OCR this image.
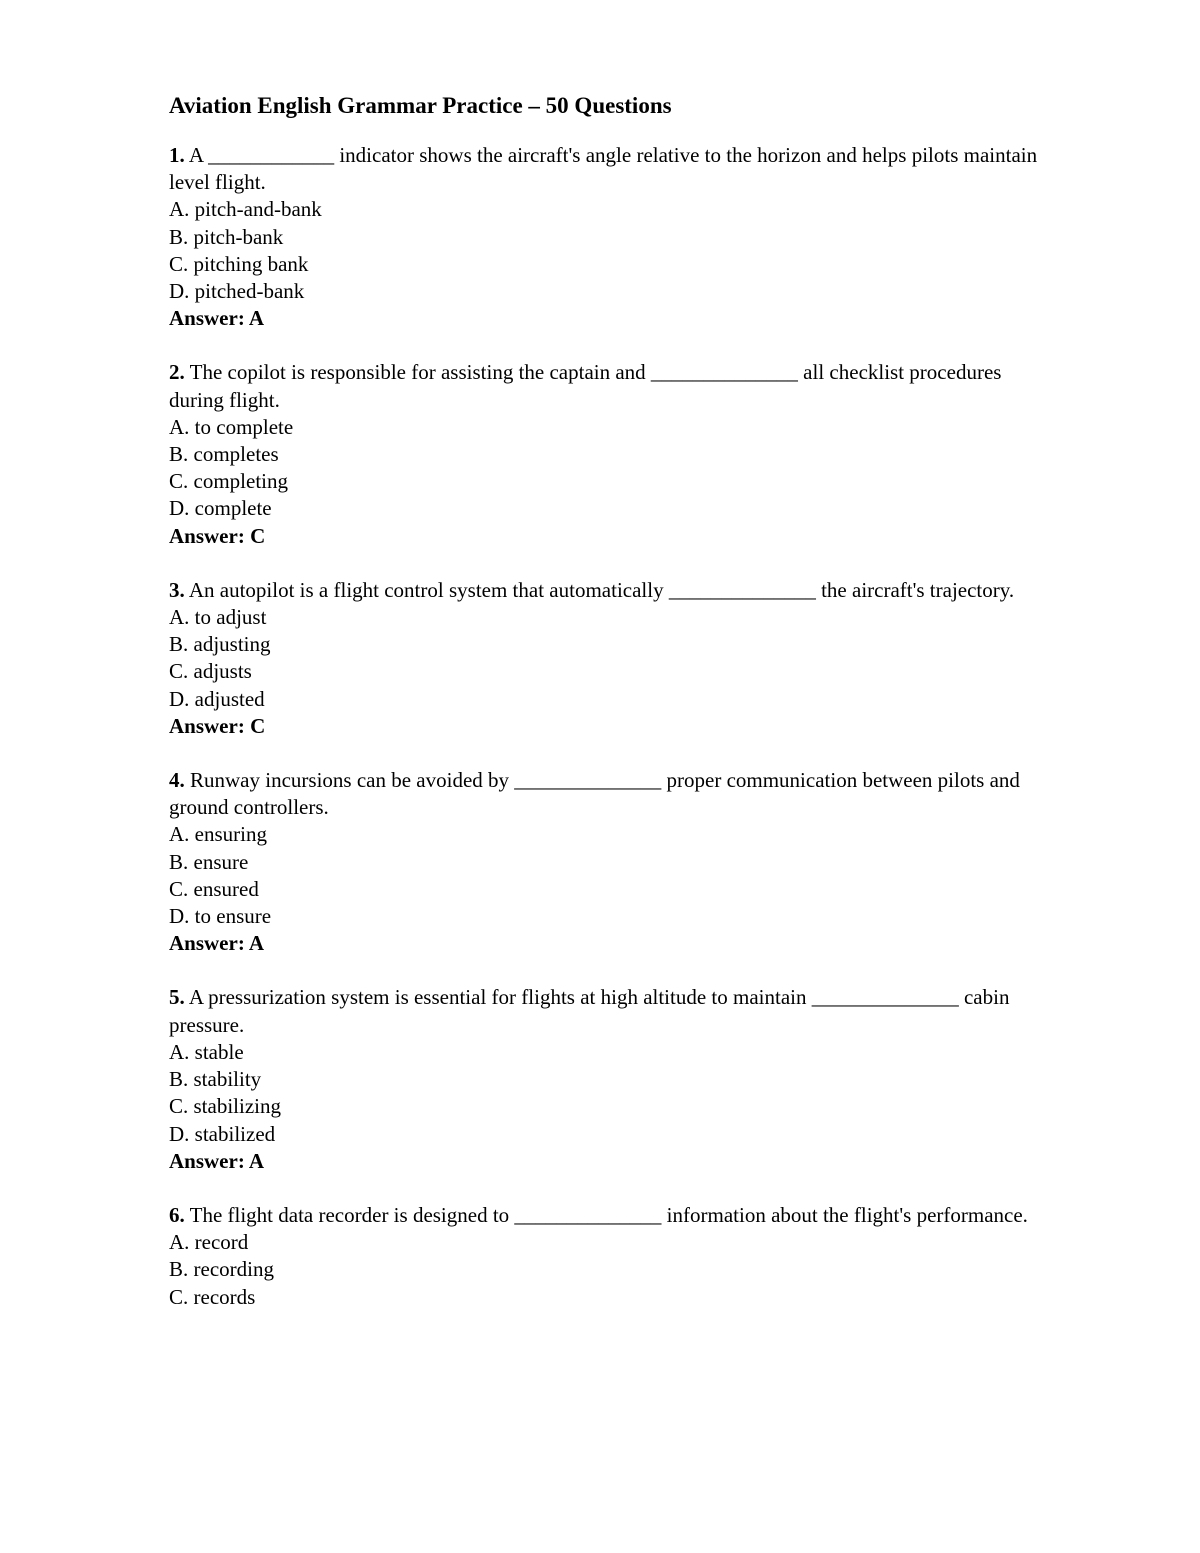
Aviation English Grammar Practice – 50 Questions

1. A ____________ indicator shows the aircraft's angle relative to the horizon and helps pilots maintain level flight.

A. pitch-and-bank

B. pitch-bank

C. pitching bank

D. pitched-bank

Answer: A

2. The copilot is responsible for assisting the captain and ______________ all checklist procedures during flight.

A. to complete

B. completes

C. completing

D. complete

Answer: C

3. An autopilot is a flight control system that automatically ______________ the aircraft's trajectory.

A. to adjust

B. adjusting

C. adjusts

D. adjusted

Answer: C

4. Runway incursions can be avoided by ______________ proper communication between pilots and ground controllers.

A. ensuring

B. ensure

C. ensured

D. to ensure

Answer: A

5. A pressurization system is essential for flights at high altitude to maintain ______________ cabin pressure.

A. stable

B. stability

C. stabilizing

D. stabilized

Answer: A

6. The flight data recorder is designed to ______________ information about the flight's performance.

A. record

B. recording

C. records
